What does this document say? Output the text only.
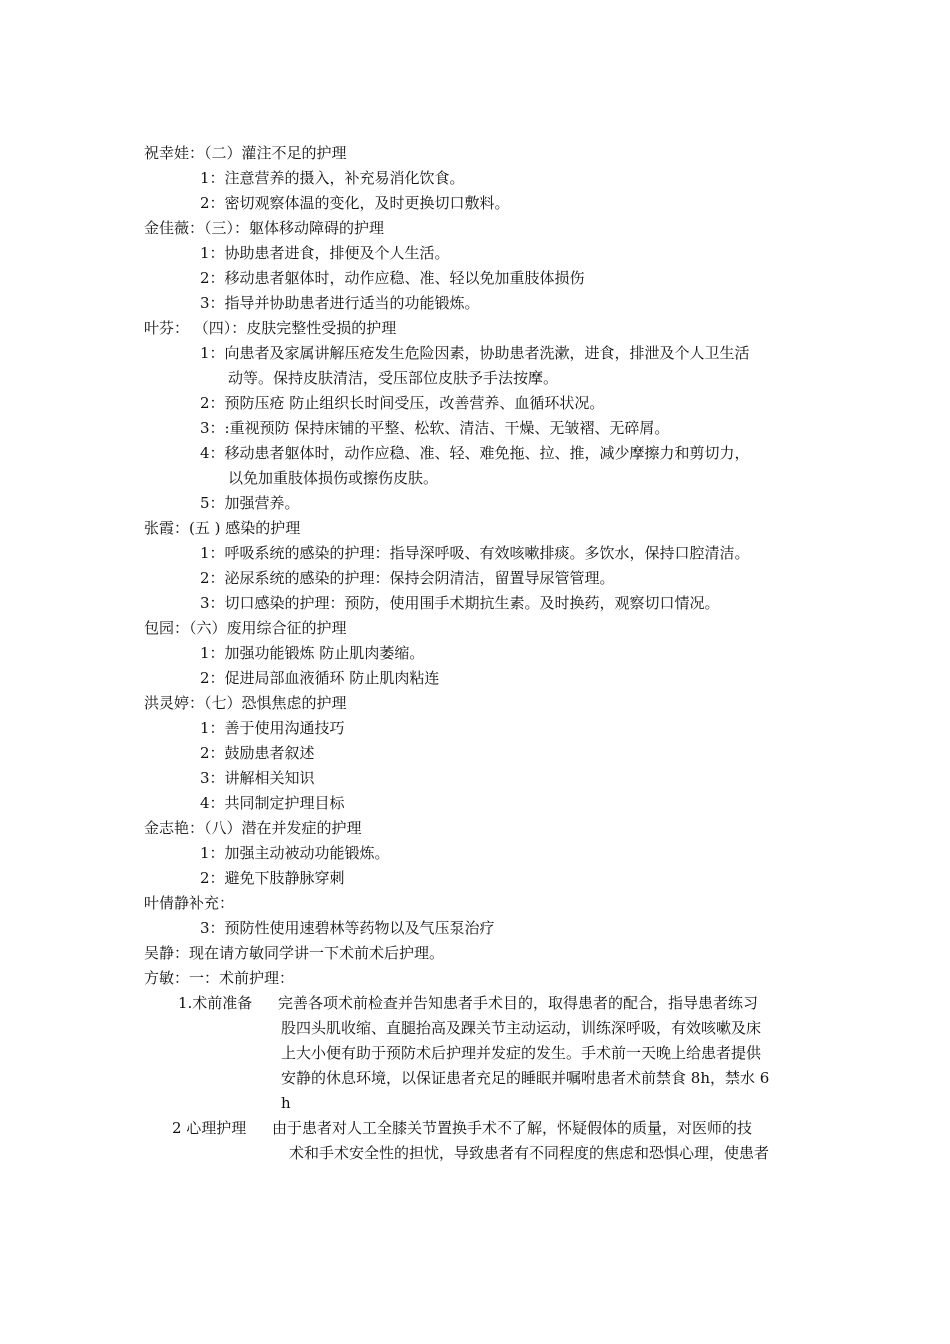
祝幸娃：（二）灌注不足的护理
1：注意营养的摄入，补充易消化饮食。
2：密切观察体温的变化，及时更换切口敷料。
金佳薇：（三）：躯体移动障碍的护理
1：协助患者进食，排便及个人生活。
2：移动患者躯体时，动作应稳、准、轻以免加重肢体损伤
3：指导并协助患者进行适当的功能锻炼。
叶芬： （四）：皮肤完整性受损的护理
1：向患者及家属讲解压疮发生危险因素，协助患者洗漱，进食，排泄及个人卫生活
动等。保持皮肤清洁，受压部位皮肤予手法按摩。
2：预防压疮 防止组织长时间受压，改善营养、血循环状况。
3：:重视预防 保持床铺的平整、松软、清洁、干燥、无皱褶、无碎屑。
4：移动患者躯体时，动作应稳、准、轻、难免拖、拉、推，减少摩擦力和剪切力，
以免加重肢体损伤或擦伤皮肤。
5：加强营养。
张霞：(五 ) 感染的护理
1：呼吸系统的感染的护理：指导深呼吸、有效咳嗽排痰。多饮水，保持口腔清洁。
2：泌尿系统的感染的护理：保持会阴清洁，留置导尿管管理。
3：切口感染的护理：预防，使用围手术期抗生素。及时换药，观察切口情况。
包园：（六）废用综合征的护理
1：加强功能锻炼 防止肌肉萎缩。
2：促进局部血液循环 防止肌肉粘连
洪灵婷：（七）恐惧焦虑的护理
1：善于使用沟通技巧
2：鼓励患者叙述
3：讲解相关知识
4：共同制定护理目标
金志艳：（八）潜在并发症的护理
1：加强主动被动功能锻炼。
2：避免下肢静脉穿刺
叶倩静补充：
3：预防性使用速碧林等药物以及气压泵治疗
吴静：现在请方敏同学讲一下术前术后护理。
方敏：一：术前护理：
1.术前准备 完善各项术前检查并告知患者手术目的，取得患者的配合，指导患者练习
股四头肌收缩、直腿抬高及踝关节主动运动，训练深呼吸，有效咳嗽及床
上大小便有助于预防术后护理并发症的发生。手术前一天晚上给患者提供
安静的休息环境，以保证患者充足的睡眠并嘱咐患者术前禁食 8h，禁水 6
h
2 心理护理 由于患者对人工全膝关节置换手术不了解，怀疑假体的质量，对医师的技
术和手术安全性的担忧，导致患者有不同程度的焦虑和恐惧心理，使患者
